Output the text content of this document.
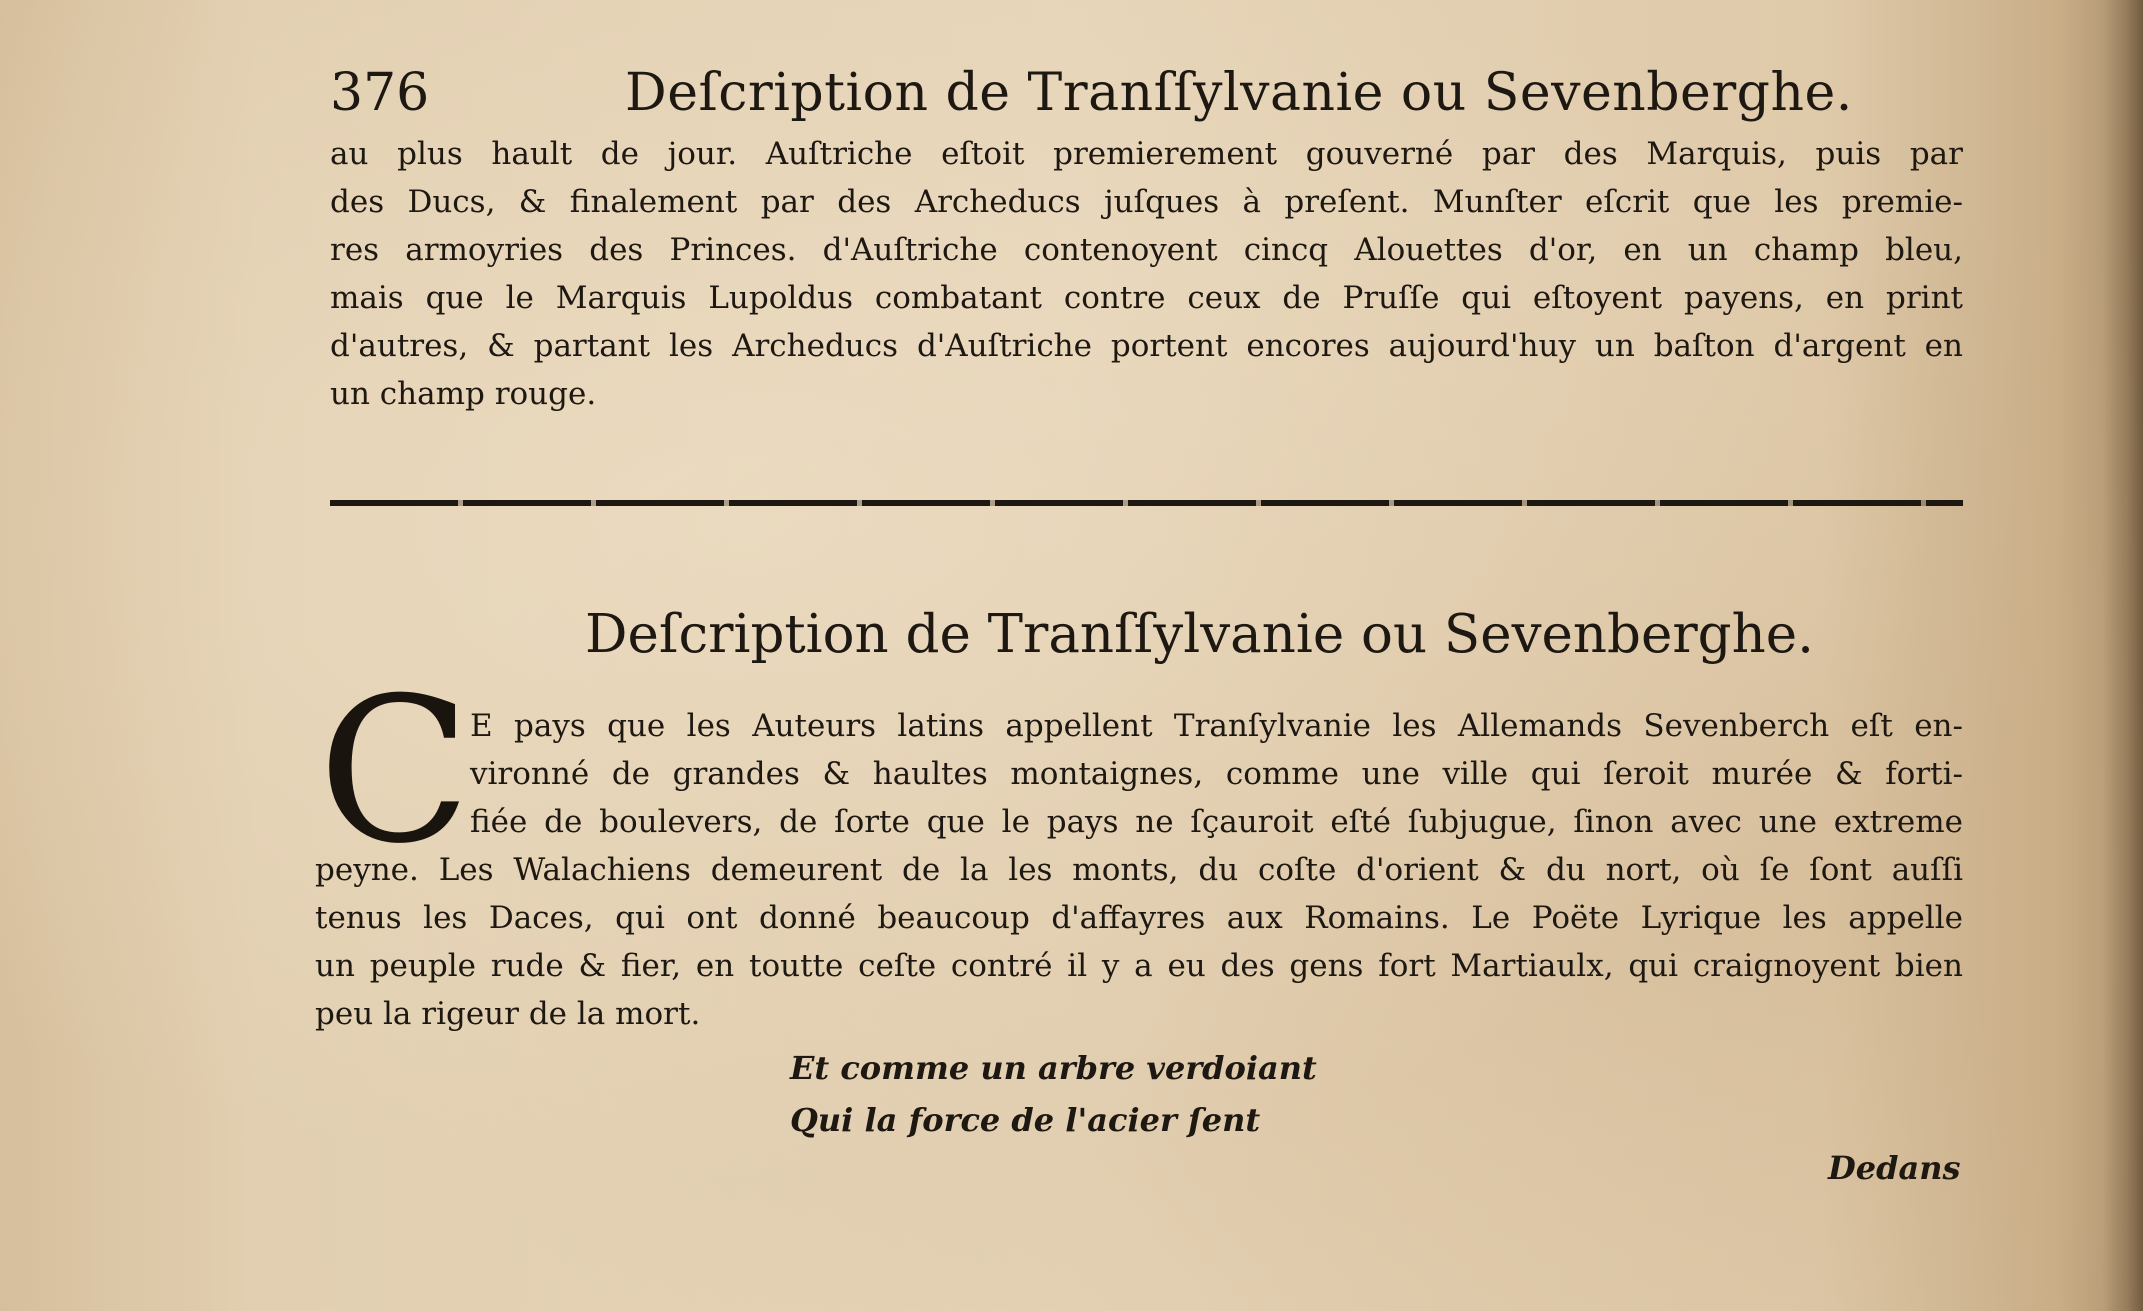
376	Deſcription de Tranſſylvanie ou Sevenberghe.
au plus hault de jour. Auſtriche eſtoit premierement gouverné par des Marquis, puis par
des Ducs, & finalement par des Archeducs juſques à preſent. Munſter eſcrit que les premie-
res armoyries des Princes. d'Auſtriche contenoyent cincq Alouettes d'or, en un champ bleu,
mais que le Marquis Lupoldus combatant contre ceux de Pruſſe qui eſtoyent payens, en print
d'autres, & partant les Archeducs d'Auſtriche portent encores aujourd'huy un baſton d'argent en
un champ rouge.
Deſcription de Tranſſylvanie ou Sevenberghe.
C
E pays que les Auteurs latins appellent Tranſylvanie les Allemands Sevenberch eſt en-
vironné de grandes & haultes montaignes, comme une ville qui ſeroit murée & forti-
fiée de boulevers, de ſorte que le pays ne ſçauroit eſté ſubjugue, ſinon avec une extreme
peyne. Les Walachiens demeurent de la les monts, du coſte d'orient & du nort, où ſe ſont auſſi
tenus les Daces, qui ont donné beaucoup d'affayres aux Romains. Le Poëte Lyrique les appelle
un peuple rude & fier, en toutte ceſte contré il y a eu des gens fort Martiaulx, qui craignoyent bien
peu la rigeur de la mort.
Et comme un arbre verdoiant
Qui la force de l'acier ſent
Dedans
